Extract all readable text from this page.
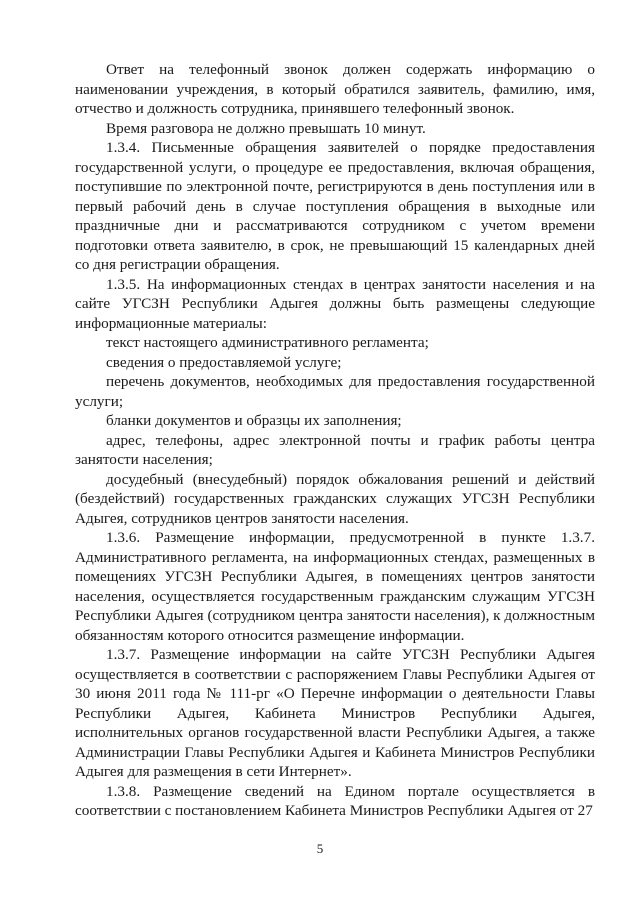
Ответ на телефонный звонок должен содержать информацию о наименовании учреждения, в который обратился заявитель, фамилию, имя, отчество и должность сотрудника, принявшего телефонный звонок.

Время разговора не должно превышать 10 минут.

1.3.4. Письменные обращения заявителей о порядке предоставления государственной услуги, о процедуре ее предоставления, включая обращения, поступившие по электронной почте, регистрируются в день поступления или в первый рабочий день в случае поступления обращения в выходные или праздничные дни и рассматриваются сотрудником с учетом времени подготовки ответа заявителю, в срок, не превышающий 15 календарных дней со дня регистрации обращения.

1.3.5. На информационных стендах в центрах занятости населения и на сайте УГСЗН Республики Адыгея должны быть размещены следующие информационные материалы:

текст настоящего административного регламента;

сведения о предоставляемой услуге;

перечень документов, необходимых для предоставления государственной услуги;

бланки документов и образцы их заполнения;

адрес, телефоны, адрес электронной почты и график работы центра занятости населения;

досудебный (внесудебный) порядок обжалования решений и действий (бездействий) государственных гражданских служащих УГСЗН Республики Адыгея, сотрудников центров занятости населения.

1.3.6. Размещение информации, предусмотренной в пункте 1.3.7. Административного регламента, на информационных стендах, размещенных в помещениях УГСЗН Республики Адыгея, в помещениях центров занятости населения, осуществляется государственным гражданским служащим УГСЗН Республики Адыгея (сотрудником центра занятости населения), к должностным обязанностям которого относится размещение информации.

1.3.7. Размещение информации на сайте УГСЗН Республики Адыгея осуществляется в соответствии с распоряжением Главы Республики Адыгея от 30 июня 2011 года № 111-рг «О Перечне информации о деятельности Главы Республики Адыгея, Кабинета Министров Республики Адыгея, исполнительных органов государственной власти Республики Адыгея, а также Администрации Главы Республики Адыгея и Кабинета Министров Республики Адыгея для размещения в сети Интернет».

1.3.8. Размещение сведений на Едином портале осуществляется в соответствии с постановлением Кабинета Министров Республики Адыгея от 27

5
